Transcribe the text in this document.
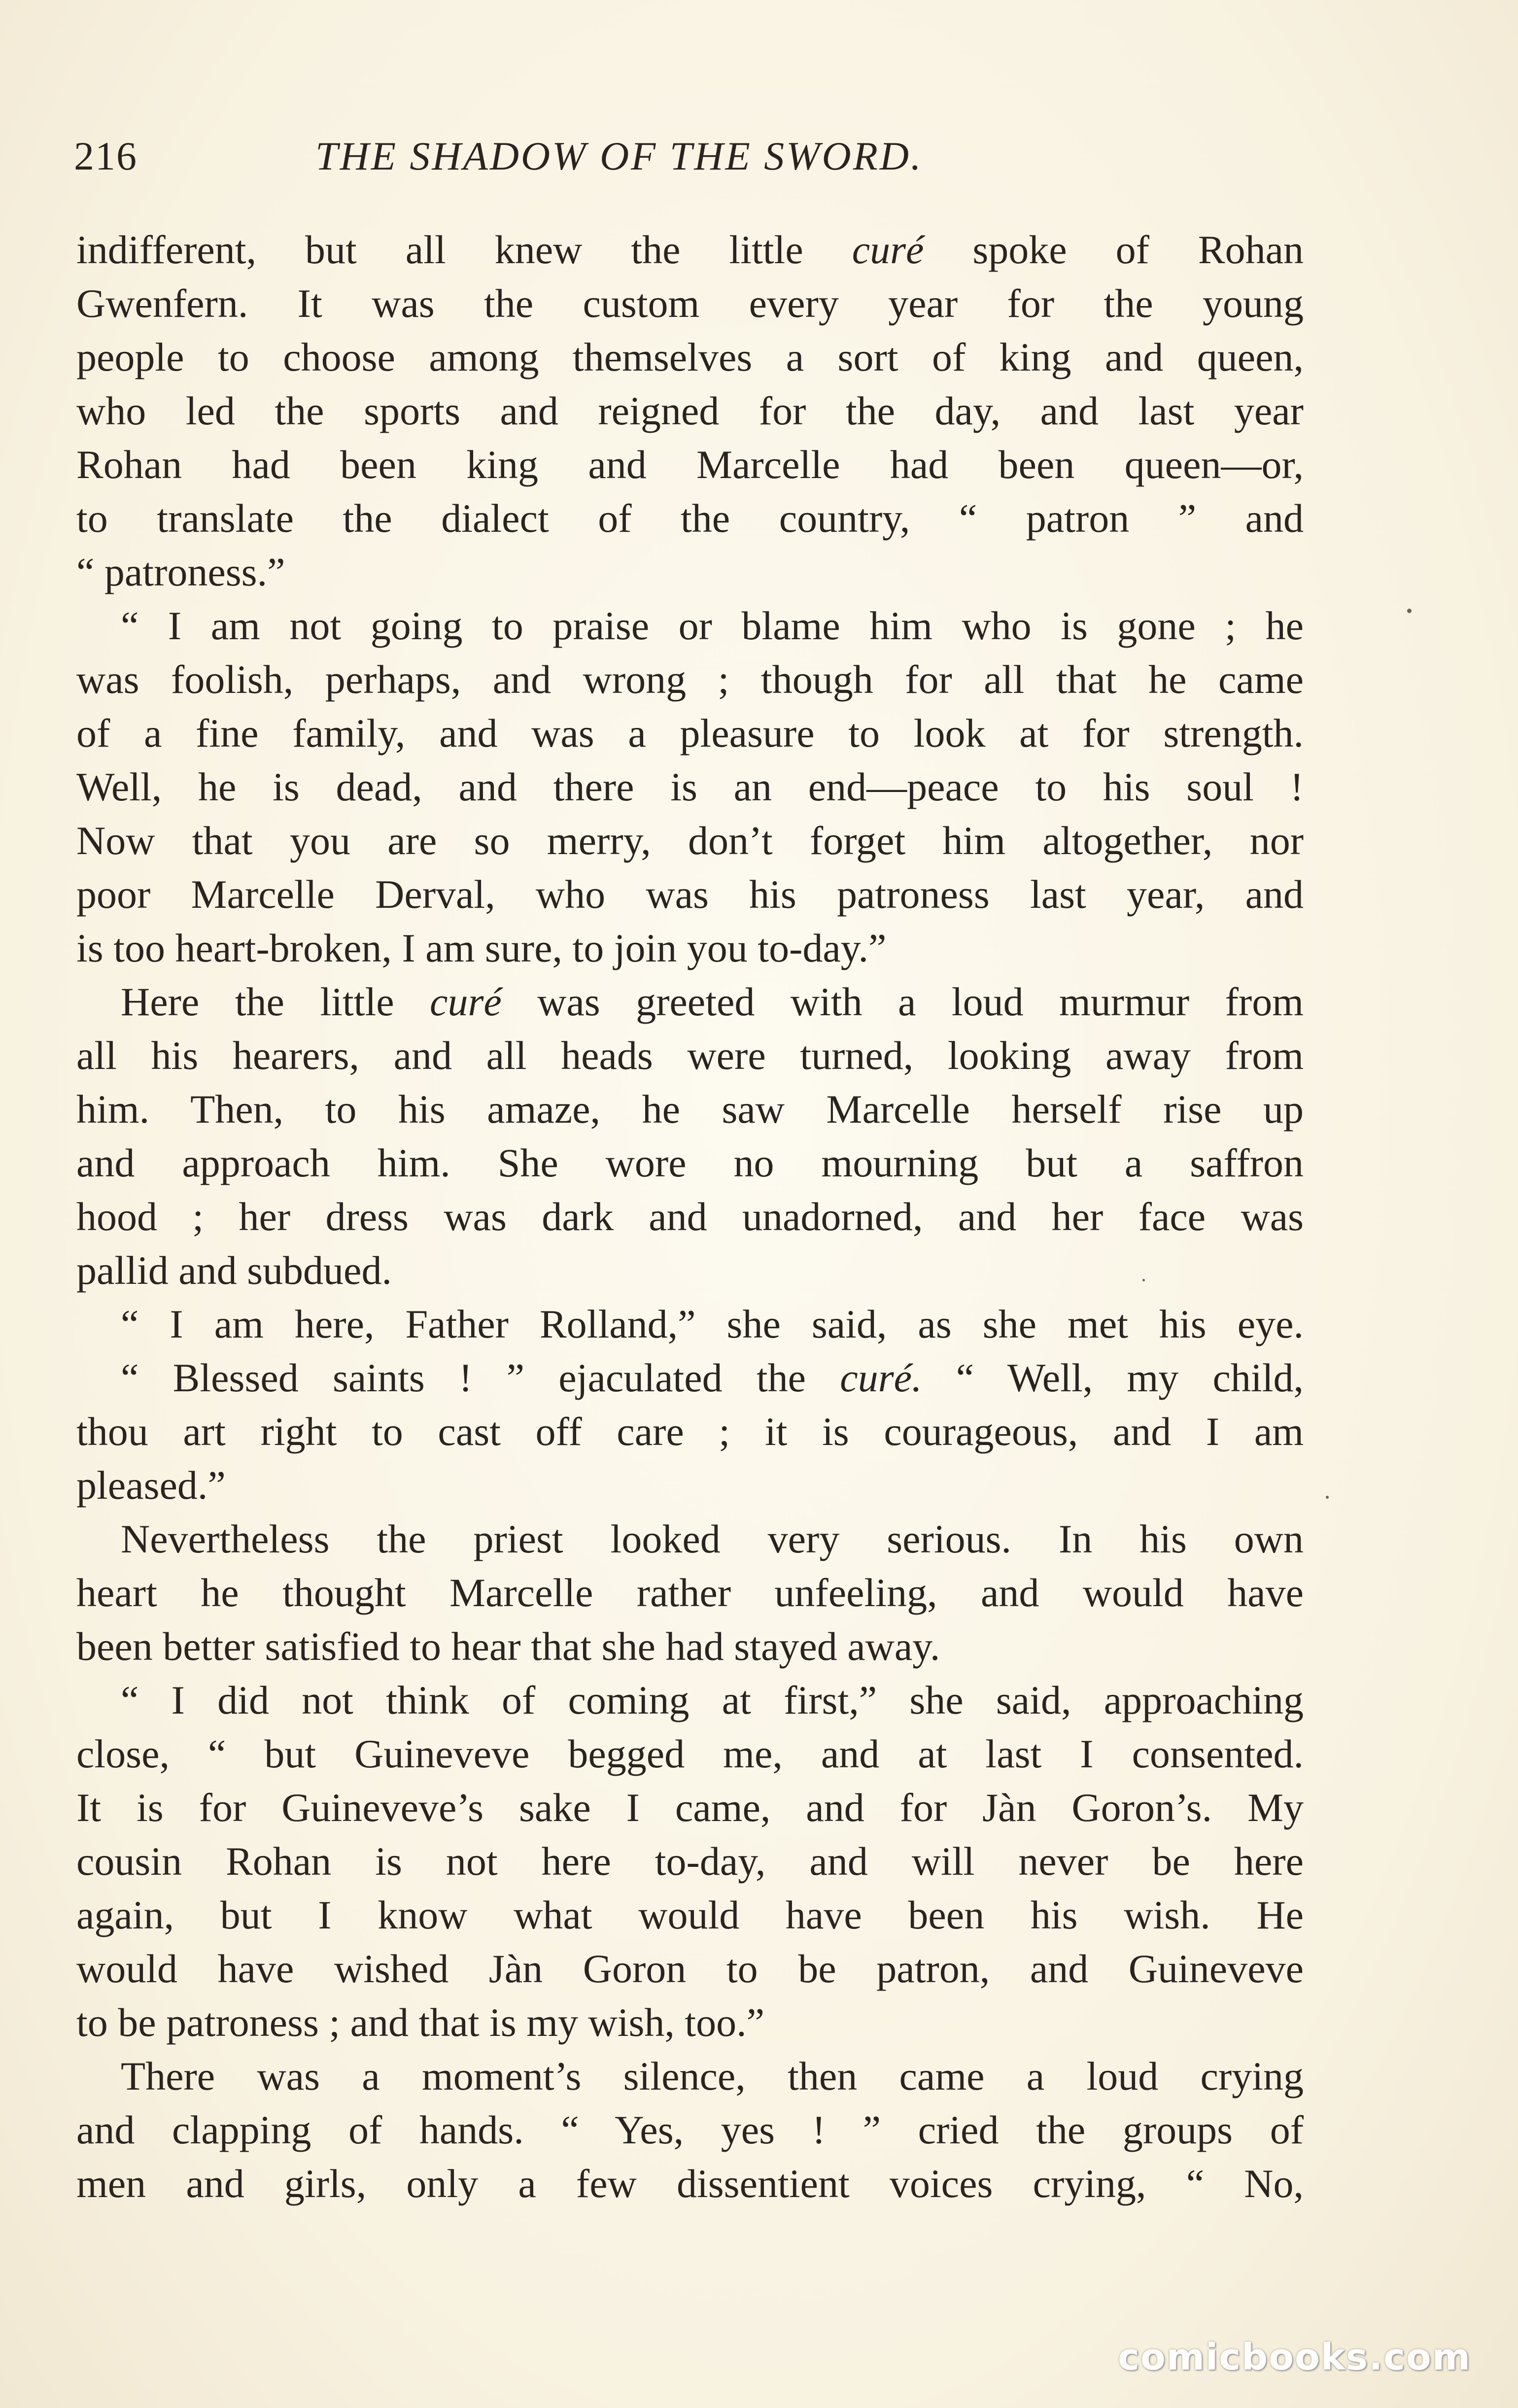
216	THE SHADOW OF THE SWORD.
indifferent, but all knew the little curé spoke of Rohan
Gwenfern. It was the custom every year for the young
people to choose among themselves a sort of king and queen,
who led the sports and reigned for the day, and last year
Rohan had been king and Marcelle had been queen—or,
to translate the dialect of the country, “ patron ” and
“ patroness.”
“ I am not going to praise or blame him who is gone ; he
was foolish, perhaps, and wrong ; though for all that he came
of a fine family, and was a pleasure to look at for strength.
Well, he is dead, and there is an end—peace to his soul !
Now that you are so merry, don’t forget him altogether, nor
poor Marcelle Derval, who was his patroness last year, and
is too heart-broken, I am sure, to join you to-day.”
Here the little curé was greeted with a loud murmur from
all his hearers, and all heads were turned, looking away from
him. Then, to his amaze, he saw Marcelle herself rise up
and approach him. She wore no mourning but a saffron
hood ; her dress was dark and unadorned, and her face was
pallid and subdued.
“ I am here, Father Rolland,” she said, as she met his eye.
“ Blessed saints ! ” ejaculated the curé. “ Well, my child,
thou art right to cast off care ; it is courageous, and I am
pleased.”
Nevertheless the priest looked very serious. In his own
heart he thought Marcelle rather unfeeling, and would have
been better satisfied to hear that she had stayed away.
“ I did not think of coming at first,” she said, approaching
close, “ but Guineveve begged me, and at last I consented.
It is for Guineveve’s sake I came, and for Jàn Goron’s. My
cousin Rohan is not here to-day, and will never be here
again, but I know what would have been his wish. He
would have wished Jàn Goron to be patron, and Guineveve
to be patroness ; and that is my wish, too.”
There was a moment’s silence, then came a loud crying
and clapping of hands. “ Yes, yes ! ” cried the groups of
men and girls, only a few dissentient voices crying, “ No,
comicbooks.com
